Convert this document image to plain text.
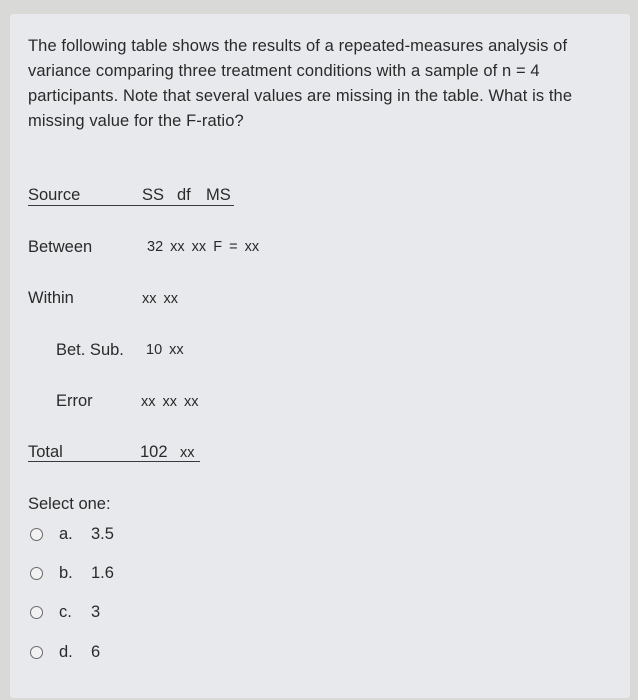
The following table shows the results of a repeated-measures analysis of
variance comparing three treatment conditions with a sample of n = 4
participants. Note that several values are missing in the table. What is the
missing value for the F-ratio?
Source	SS df MS
Between	32 xx xx F = xx
Within	xx xx
Bet. Sub. 10 xx
Error	xx xx xx
Total	102 xx
Select one:
a.	3.5
b.	1.6
c.	3
d.	6
